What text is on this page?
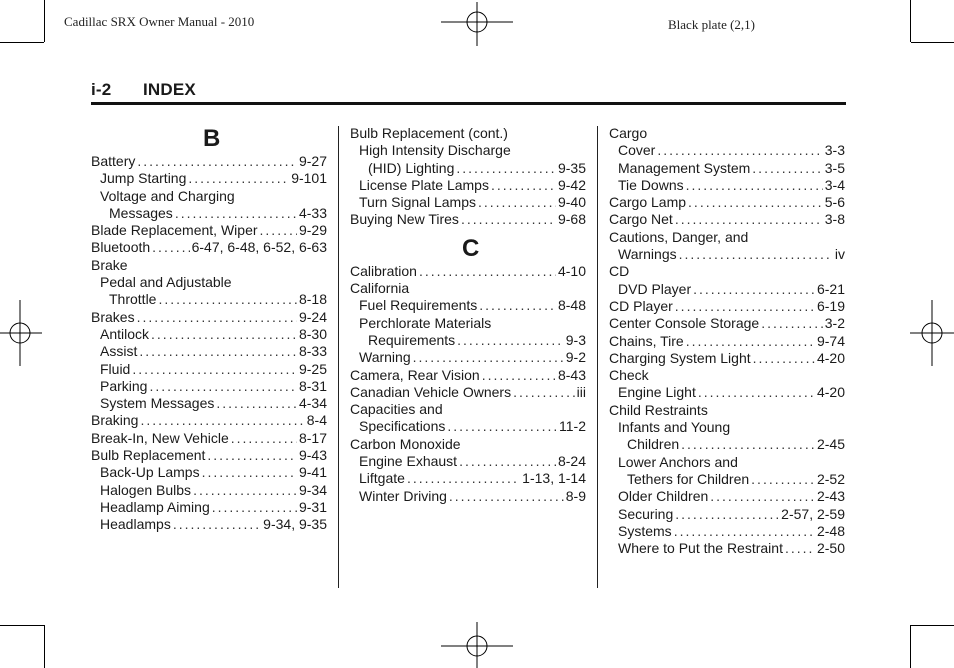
Cadillac SRX Owner Manual - 2010	Black plate (2,1)
i-2 INDEX
B
Battery .....	9-27
Jump Starting .....	9-101
Voltage and Charging
Messages .....	4-33
Blade Replacement, Wiper .....	9-29
Bluetooth .....	6-47, 6-48, 6-52, 6-63
Brake
Pedal and Adjustable
Throttle .....	8-18
Brakes .....	9-24
Antilock .....	8-30
Assist .....	8-33
Fluid .....	9-25
Parking .....	8-31
System Messages .....	4-34
Braking .....	8-4
Break-In, New Vehicle .....	8-17
Bulb Replacement .....	9-43
Back-Up Lamps .....	9-41
Halogen Bulbs .....	9-34
Headlamp Aiming .....	9-31
Headlamps .....	9-34, 9-35
Bulb Replacement (cont.)
High Intensity Discharge
(HID) Lighting .....	9-35
License Plate Lamps .....	9-42
Turn Signal Lamps .....	9-40
Buying New Tires .....	9-68
C
Calibration .....	4-10
California
Fuel Requirements .....	8-48
Perchlorate Materials
Requirements .....	9-3
Warning .....	9-2
Camera, Rear Vision .....	8-43
Canadian Vehicle Owners .....	iii
Capacities and
Specifications .....	11-2
Carbon Monoxide
Engine Exhaust .....	8-24
Liftgate .....	1-13, 1-14
Winter Driving .....	8-9
Cargo
Cover .....	3-3
Management System .....	3-5
Tie Downs .....	3-4
Cargo Lamp .....	5-6
Cargo Net .....	3-8
Cautions, Danger, and
Warnings .....	iv
CD
DVD Player .....	6-21
CD Player .....	6-19
Center Console Storage .....	3-2
Chains, Tire .....	9-74
Charging System Light .....	4-20
Check
Engine Light .....	4-20
Child Restraints
Infants and Young
Children .....	2-45
Lower Anchors and
Tethers for Children .....	2-52
Older Children .....	2-43
Securing .....	2-57, 2-59
Systems .....	2-48
Where to Put the Restraint ..... 2-50
